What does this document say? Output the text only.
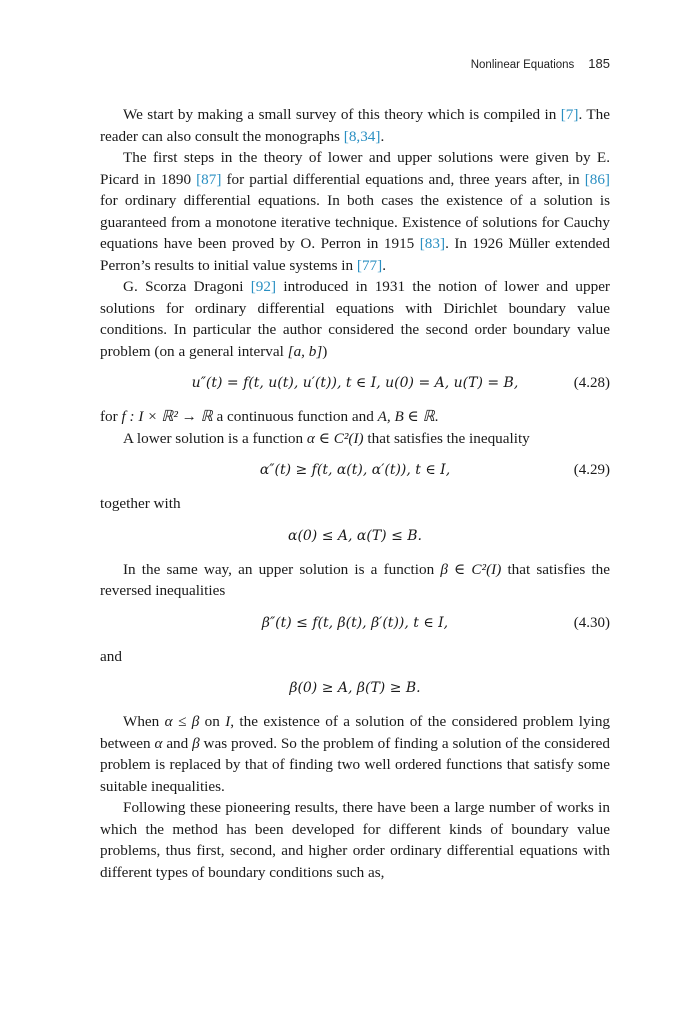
Nonlinear Equations 185

We start by making a small survey of this theory which is compiled in [7]. The reader can also consult the monographs [8,34].

The first steps in the theory of lower and upper solutions were given by E. Picard in 1890 [87] for partial differential equations and, three years after, in [86] for ordinary differential equations. In both cases the existence of a solution is guaranteed from a monotone iterative technique. Existence of solutions for Cauchy equations have been proved by O. Perron in 1915 [83]. In 1926 Müller extended Perron’s results to initial value systems in [77].

G. Scorza Dragoni [92] introduced in 1931 the notion of lower and upper solutions for ordinary differential equations with Dirichlet boundary value conditions. In particular the author considered the second order boundary value problem (on a general interval [a, b])

u″(t) = f(t, u(t), u′(t)), t ∈ I, u(0) = A, u(T) = B,	(4.28)

for f : I × ℝ² → ℝ a continuous function and A, B ∈ ℝ.

A lower solution is a function α ∈ C²(I) that satisfies the inequality

α″(t) ≥ f(t, α(t), α′(t)), t ∈ I,	(4.29)

together with

α(0) ≤ A, α(T) ≤ B.

In the same way, an upper solution is a function β ∈ C²(I) that satisfies the reversed inequalities

β″(t) ≤ f(t, β(t), β′(t)), t ∈ I,	(4.30)

and

β(0) ≥ A, β(T) ≥ B.

When α ≤ β on I, the existence of a solution of the considered problem lying between α and β was proved. So the problem of finding a solution of the considered problem is replaced by that of finding two well ordered functions that satisfy some suitable inequalities.

Following these pioneering results, there have been a large number of works in which the method has been developed for different kinds of boundary value problems, thus first, second, and higher order ordinary differential equations with different types of boundary conditions such as,
